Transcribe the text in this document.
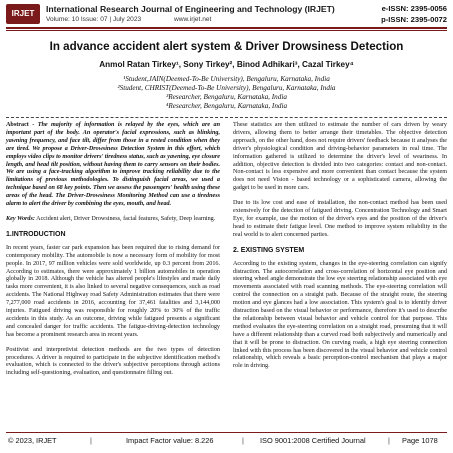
IRJET	International Research Journal of Engineering and Technology (IRJET)	e-ISSN: 2395-0056
Volume: 10 Issue: 07 | July 2023	www.irjet.net	p-ISSN: 2395-0072
In advance accident alert system & Driver Drowsiness Detection
Anmol Ratan Tirkey¹, Sony Tirkey², Binod Adhikari³, Cazal Tirkey⁴
¹Student,JAIN(Deemed-To-Be University), Bengaluru, Karnataka, India
²Student, CHRIST(Deemed-To-Be University), Bengaluru, Karnataka, India
³Researcher, Bengaluru, Karnataka, India
⁴Researcher, Bengaluru, Karnataka, India

Abstract - The majority of information is relayed by the eyes, which are an important part of the body. An operator's facial expressions, such as blinking, yawning frequency, and face tilt, differ from those in a rested condition when they are tired. We propose a Driver-Drowsiness Detection System in this effort, which employs video clips to monitor drivers' tiredness status, such as yawning, eye closure length, and head tilt position, without having them to carry sensors on their bodies. We are using a face-tracking algorithm to improve tracking reliability due to the limitations of previous methodologies. To distinguish facial areas, we used a technique based on 68 key points. Then we assess the passengers' health using these areas of the head. The Driver-Drowsiness Monitoring Method can use a tiredness alarm to alert the driver by combining the eyes, mouth, and head.

Key Words: Accident alert, Driver Drowsiness, facial features, Safety, Deep learning.

1.INTRODUCTION

In recent years, faster car park expansion has been required due to rising demand for contemporary mobility. The automobile is now a necessary form of mobility for most people. In 2017, 97 million vehicles were sold worldwide, up 0.3 percent from 2016. According to estimates, there were approximately 1 billion automobiles in operation globally in 2018. Although the vehicle has altered people's lifestyles and made daily tasks more convenient, it is also linked to several negative consequences, such as road accidents. The National Highway road Safety Administration estimates that there were 7,277,000 road accidents in 2016, accounting for 37,461 fatalities and 3,144,000 injuries. Fatigued driving was responsible for roughly 20% to 30% of the traffic accidents in this study. As an outcome, driving while fatigued presents a significant and concealed danger for traffic accidents. The fatigue-driving-detection technology has become a prominent research area in recent years.

Positivist and interpretivist detection methods are the two types of detection procedures. A driver is required to participate in the subjective identification method's evaluation, which is connected to the driver's subjective perceptions through actions including self-questioning, evaluation, and questionnaire filling out.

These statistics are then utilized to estimate the number of cars driven by weary drivers, allowing them to better arrange their timetables. The objective detection approach, on the other hand, does not require drivers' feedback because it analyses the driver's physiological condition and driving-behavior parameters in real time. The information gathered is utilized to determine the driver's level of weariness. In addition, objective detection is divided into two categories: contact and non-contact. Non-contact is less expensive and more convenient than contact because the system does not need Vision - based technology or a sophisticated camera, allowing the gadget to be used in more cars.

Due to its low cost and ease of installation, the non-contact method has been used extensively for the detection of fatigued driving. Concentration Technology and Smart Eye, for example, use the motion of the driver's eyes and the position of the driver's head to estimate their fatigue level. One method to improve system reliability in the real world is to alert concerned parties.

2. EXISTING SYSTEM

According to the existing system, changes in the eye-steering correlation can signify distraction. The autocorrelation and cross-correlation of horizontal eye position and steering wheel angle demonstrate the low eye steering relationship associated with eye movements associated with road scanning methods. The eye-steering correlation will control the connection on a straight path. Because of the straight route, the steering motion and eye glances had a low association. This system's goal is to identify driver distraction based on the visual behavior or performance, therefore it's used to describe the relationship between visual behavior and vehicle control for that purpose. This method evaluates the eye-steering correlation on a straight road, presuming that it will have a different relationship than a curved road both subjectively and numerically and that it will be prone to distraction. On curving roads, a high eye steering connection linked with this process has been discovered in the visual behavior and vehicle control relationship, which reveals a basic perception-control mechanism that plays a major role in driving.

© 2023, IRJET	|	Impact Factor value: 8.226	| ISO 9001:2008 Certified Journal	| Page 1078
